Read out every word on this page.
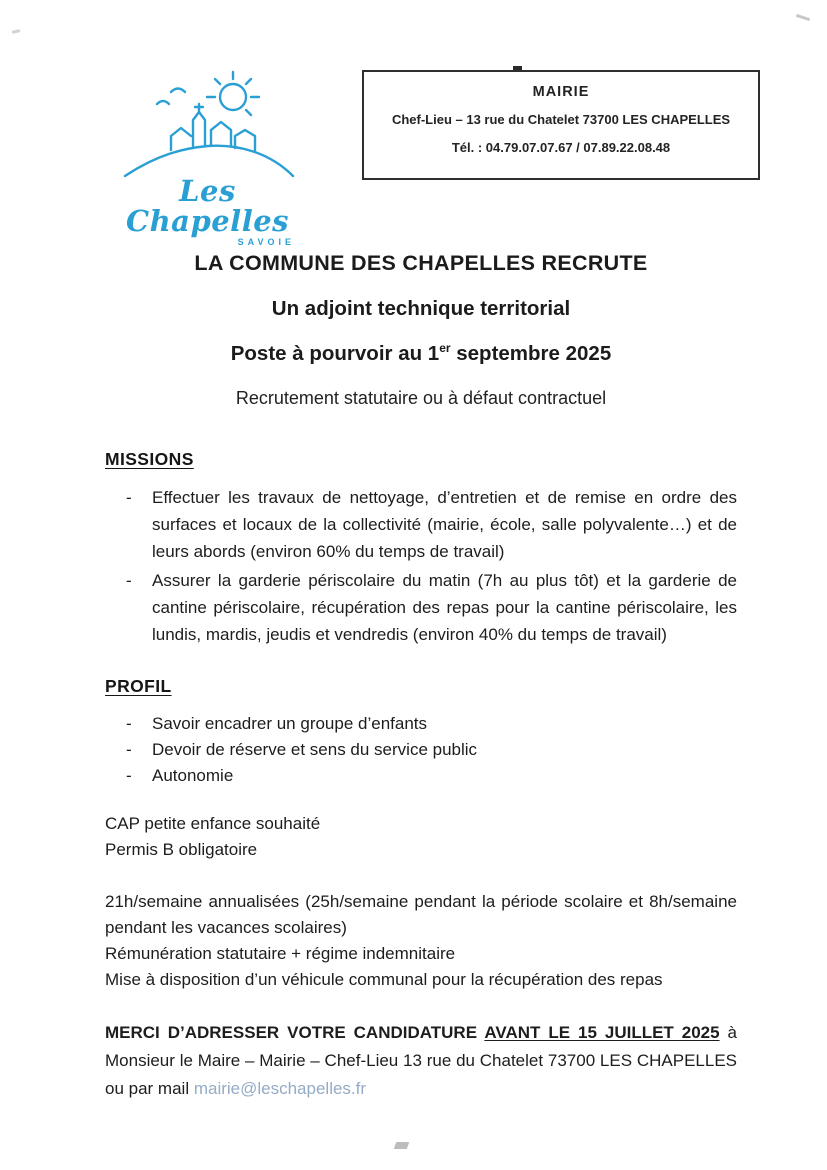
Les Chapelles
SAVOIE
MAIRIE
Chef-Lieu – 13 rue du Chatelet 73700 LES CHAPELLES
Tél. : 04.79.07.07.67 / 07.89.22.08.48
LA COMMUNE DES CHAPELLES RECRUTE
Un adjoint technique territorial
Poste à pourvoir au 1er septembre 2025
Recrutement statutaire ou à défaut contractuel
MISSIONS
-	Effectuer les travaux de nettoyage, d’entretien et de remise en ordre des surfaces et locaux de la collectivité (mairie, école, salle polyvalente…) et de leurs abords (environ 60% du temps de travail)
-	Assurer la garderie périscolaire du matin (7h au plus tôt) et la garderie de cantine périscolaire, récupération des repas pour la cantine périscolaire, les lundis, mardis, jeudis et vendredis (environ 40% du temps de travail)
PROFIL
-	Savoir encadrer un groupe d’enfants
-	Devoir de réserve et sens du service public
-	Autonomie
CAP petite enfance souhaité
Permis B obligatoire
21h/semaine annualisées (25h/semaine pendant la période scolaire et 8h/semaine pendant les vacances scolaires)
Rémunération statutaire + régime indemnitaire
Mise à disposition d’un véhicule communal pour la récupération des repas
MERCI D’ADRESSER VOTRE CANDIDATURE AVANT LE 15 JUILLET 2025 à Monsieur le Maire – Mairie – Chef-Lieu 13 rue du Chatelet 73700 LES CHAPELLES ou par mail mairie@leschapelles.fr
